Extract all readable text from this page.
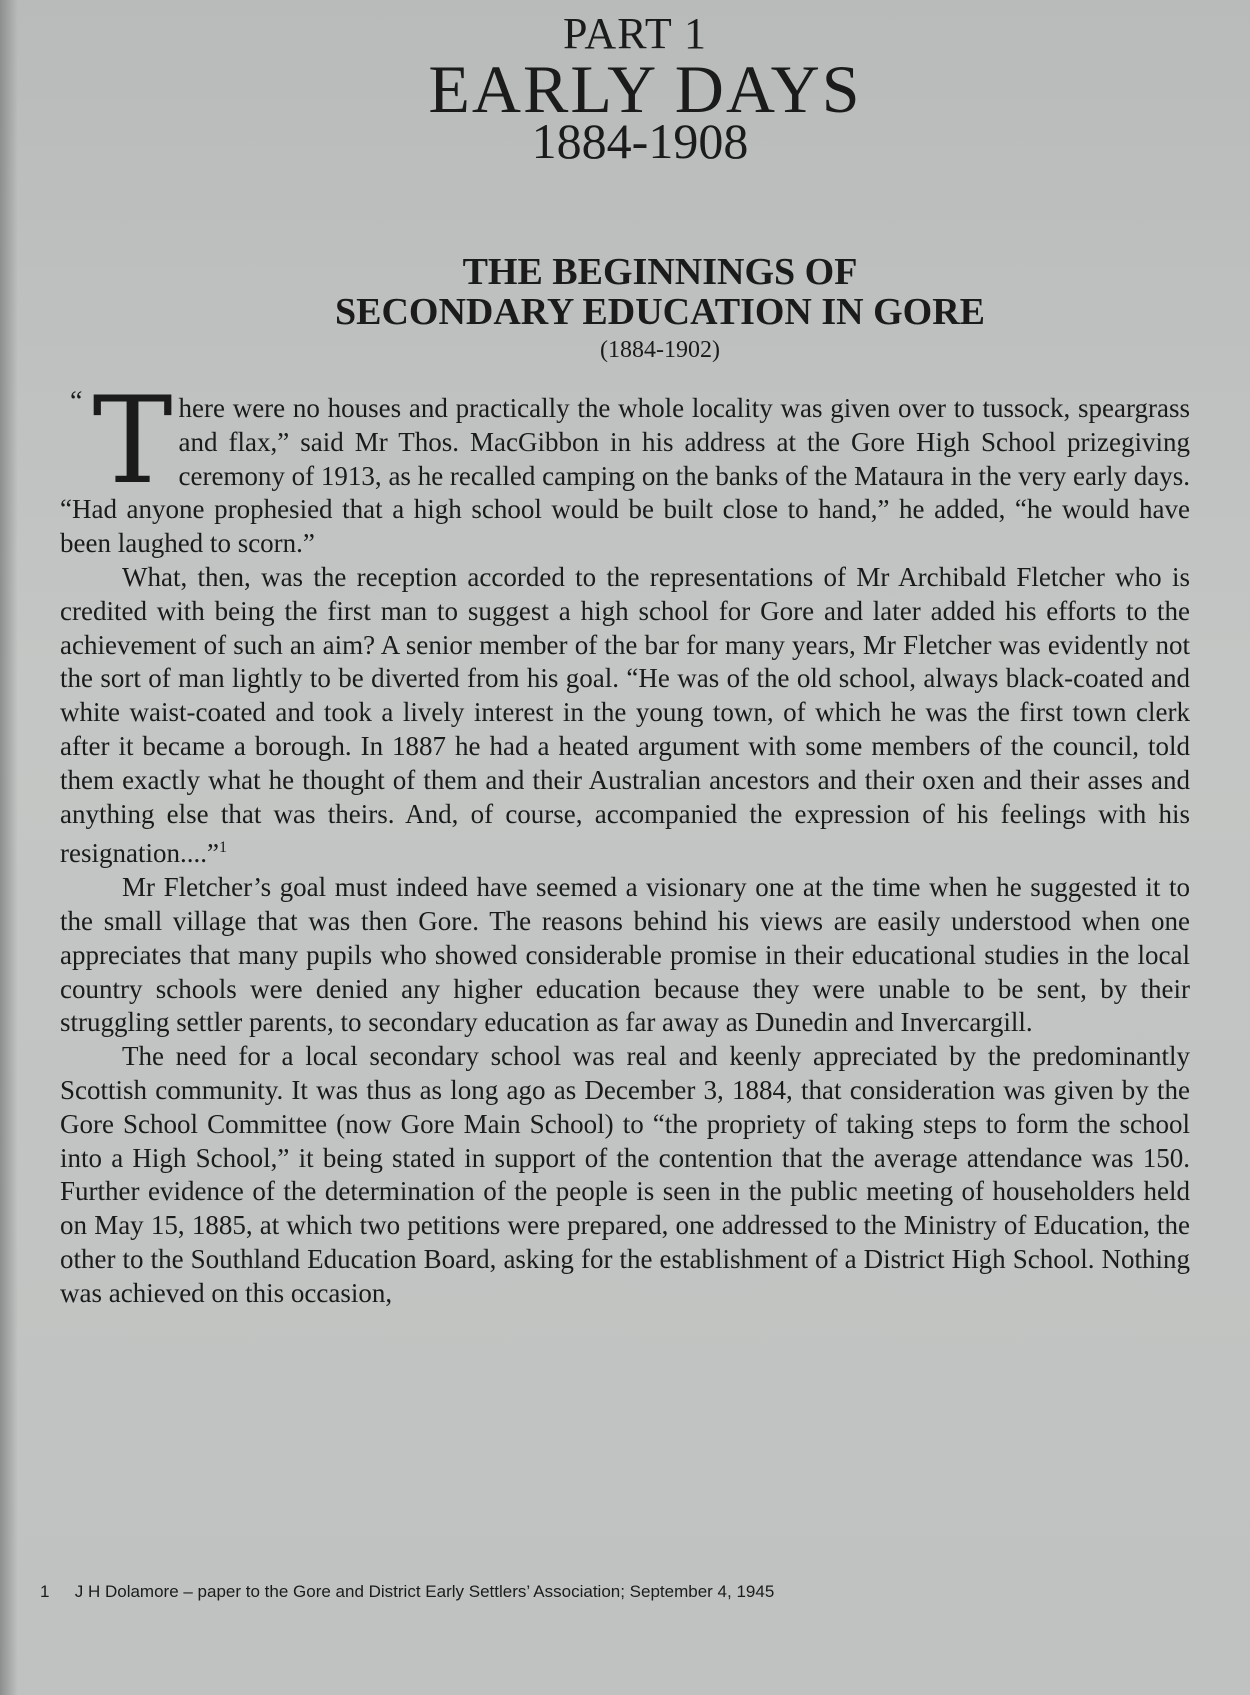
PART 1
EARLY DAYS
1884-1908
THE BEGINNINGS OF
SECONDARY EDUCATION IN GORE
(1884-1902)

“ T here were no houses and practically the whole locality was given over to tussock, speargrass and flax,” said Mr Thos. MacGibbon in his address at the Gore High School prizegiving ceremony of 1913, as he recalled camping on the banks of the Mataura in the very early days. “Had anyone prophesied that a high school would be built close to hand,” he added, “he would have been laughed to scorn.”

What, then, was the reception accorded to the representations of Mr Archibald Fletcher who is credited with being the first man to suggest a high school for Gore and later added his efforts to the achievement of such an aim? A senior member of the bar for many years, Mr Fletcher was evidently not the sort of man lightly to be diverted from his goal. “He was of the old school, always black-coated and white waist-coated and took a lively interest in the young town, of which he was the first town clerk after it became a borough. In 1887 he had a heated argument with some members of the council, told them exactly what he thought of them and their Australian ancestors and their oxen and their asses and anything else that was theirs. And, of course, accompanied the expression of his feelings with his resignation....”$^1$

Mr Fletcher’s goal must indeed have seemed a visionary one at the time when he suggested it to the small village that was then Gore. The reasons behind his views are easily understood when one appreciates that many pupils who showed considerable promise in their educational studies in the local country schools were denied any higher education because they were unable to be sent, by their struggling settler parents, to secondary education as far away as Dunedin and Invercargill.

The need for a local secondary school was real and keenly appreciated by the predominantly Scottish community. It was thus as long ago as December 3, 1884, that consideration was given by the Gore School Committee (now Gore Main School) to “the propriety of taking steps to form the school into a High School,” it being stated in support of the contention that the average attendance was 150. Further evidence of the determination of the people is seen in the public meeting of householders held on May 15, 1885, at which two petitions were prepared, one addressed to the Ministry of Education, the other to the Southland Education Board, asking for the establishment of a District High School. Nothing was achieved on this occasion,

1 J H Dolamore – paper to the Gore and District Early Settlers’ Association; September 4, 1945
